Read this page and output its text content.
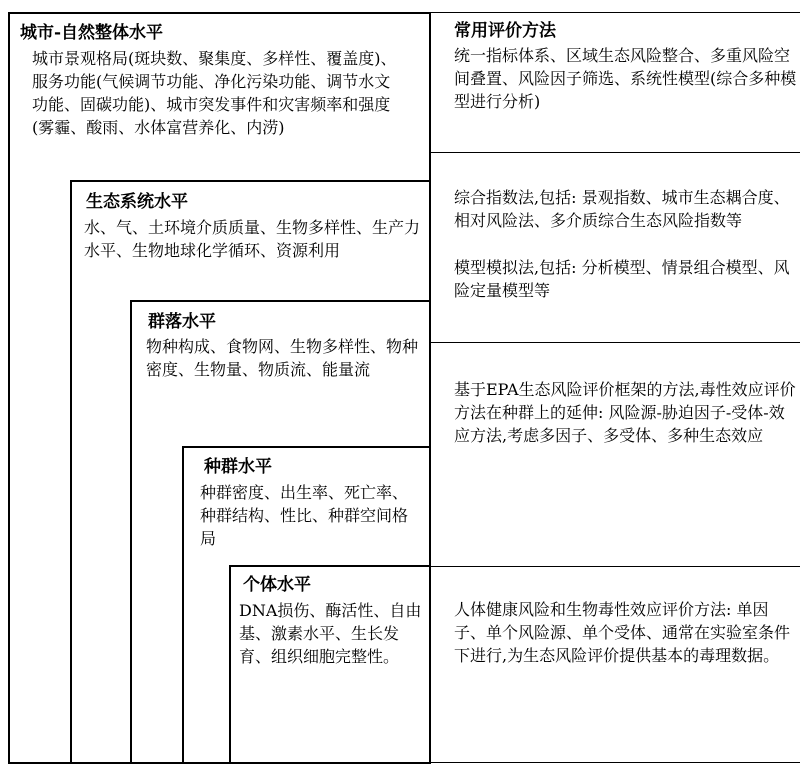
城市-自然整体水平
城市景观格局(斑块数、聚集度、多样性、覆盖度)、服务功能(气候调节功能、净化污染功能、调节水文功能、固碳功能)、城市突发事件和灾害频率和强度(雾霾、酸雨、水体富营养化、内涝)
生态系统水平
水、气、土环境介质质量、生物多样性、生产力水平、生物地球化学循环、资源利用
群落水平
物种构成、食物网、生物多样性、物种密度、生物量、物质流、能量流
种群水平
种群密度、出生率、死亡率、种群结构、性比、种群空间格局
个体水平
DNA损伤、酶活性、自由基、激素水平、生长发育、组织细胞完整性。
常用评价方法
统一指标体系、区域生态风险整合、多重风险空间叠置、风险因子筛选、系统性模型(综合多种模型进行分析)
综合指数法,包括: 景观指数、城市生态耦合度、相对风险法、多介质综合生态风险指数等
模型模拟法,包括: 分析模型、情景组合模型、风险定量模型等
基于EPA生态风险评价框架的方法,毒性效应评价方法在种群上的延伸: 风险源-胁迫因子-受体-效应方法,考虑多因子、多受体、多种生态效应
人体健康风险和生物毒性效应评价方法: 单因子、单个风险源、单个受体、通常在实验室条件下进行,为生态风险评价提供基本的毒理数据。
